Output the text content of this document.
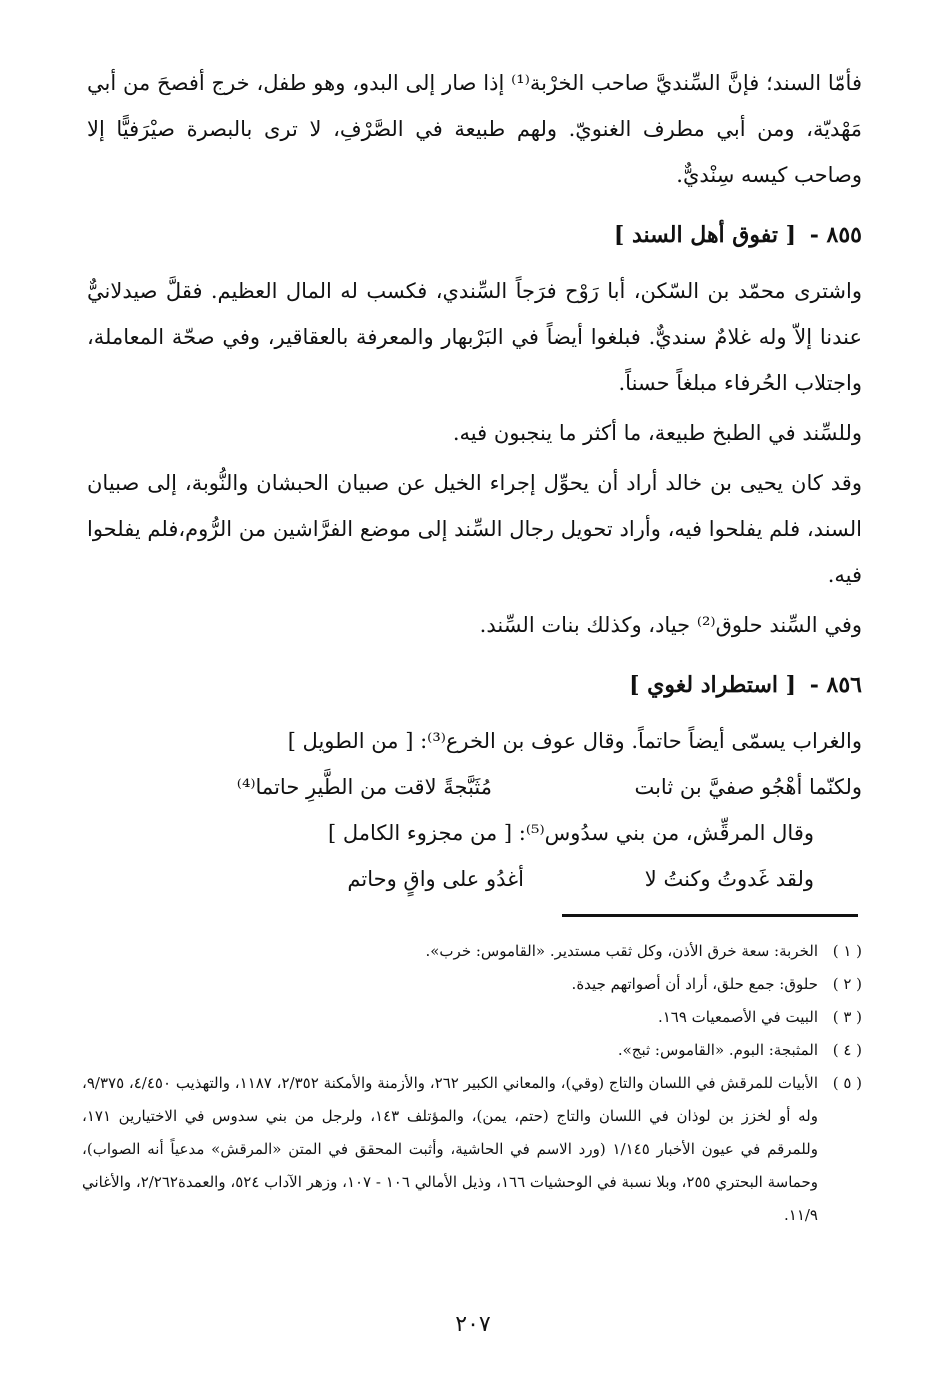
فأمّا السند؛ فإنَّ السِّنديَّ صاحب الخرْبة⁽¹⁾ إذا صار إلى البدو، وهو طفل، خرج أفصحَ من أبي مَهْديّة، ومن أبي مطرف الغنويّ. ولهم طبيعة في الصَّرْفِ، لا ترى بالبصرة صيْرَفيًّا إلا وصاحب كيسه سِنْديٌّ.

٨٥٥ - [ تفوق أهل السند ]

واشترى محمّد بن السّكن، أبا رَوْح فرَجاً السِّندي، فكسب له المال العظيم. فقلَّ صيدلانيٌّ عندنا إلاّ وله غلامٌ سنديٌّ. فبلغوا أيضاً في البَرْبهار والمعرفة بالعقاقير، وفي صحّة المعاملة، واجتلاب الحُرفاء مبلغاً حسناً.

وللسِّند في الطبخ طبيعة، ما أكثر ما ينجبون فيه.

وقد كان يحيى بن خالد أراد أن يحوِّل إجراء الخيل عن صبيان الحبشان والنُّوبة، إلى صبيان السند، فلم يفلحوا فيه، وأراد تحويل رجال السِّند إلى موضع الفرَّاشين من الرُّوم،فلم يفلحوا فيه.

وفي السِّند حلوق⁽²⁾ جياد، وكذلك بنات السِّند.

٨٥٦ - [ استطراد لغوي ]

والغراب يسمّى أيضاً حاتماً. وقال عوف بن الخرع⁽³⁾: [ من الطويل ]

ولكنّما أهْجُو صفيَّ بن ثابت
مُثَبَّجةً لاقت من الطَّيرِ حاتما⁽⁴⁾

وقال المرقِّش، من بني سدُوس⁽⁵⁾: [ من مجزوء الكامل ]

ولقد غَدوتُ وكنتُ لا
أغدُو على واقٍ وحاتم
( ١ )
الخربة: سعة خرق الأذن، وكل ثقب مستدير. «القاموس: خرب».
( ٢ )
حلوق: جمع حلق، أراد أن أصواتهم جيدة.
( ٣ )
البيت في الأصمعيات ١٦٩.
( ٤ )
المثبجة: البوم. «القاموس: ثبج».
( ٥ )
الأبيات للمرقش في اللسان والتاج (وقي)، والمعاني الكبير ٢٦٢، والأزمنة والأمكنة ٢/٣٥٢، ١١٨٧، والتهذيب ٤/٤٥٠، ٩/٣٧٥، وله أو لخزز بن لوذان في اللسان والتاج (حتم، يمن)، والمؤتلف ١٤٣، ولرجل من بني سدوس في الاختيارين ١٧١، وللمرقم في عيون الأخبار ١/١٤٥ (ورد الاسم في الحاشية، وأثبت المحقق في المتن «المرقش» مدعياً أنه الصواب)، وحماسة البحتري ٢٥٥، وبلا نسبة في الوحشيات ١٦٦، وذيل الأمالي ١٠٦ - ١٠٧، وزهر الآداب ٥٢٤، والعمدة٢/٢٦٢، والأغاني ١١/٩.
٢٠٧
